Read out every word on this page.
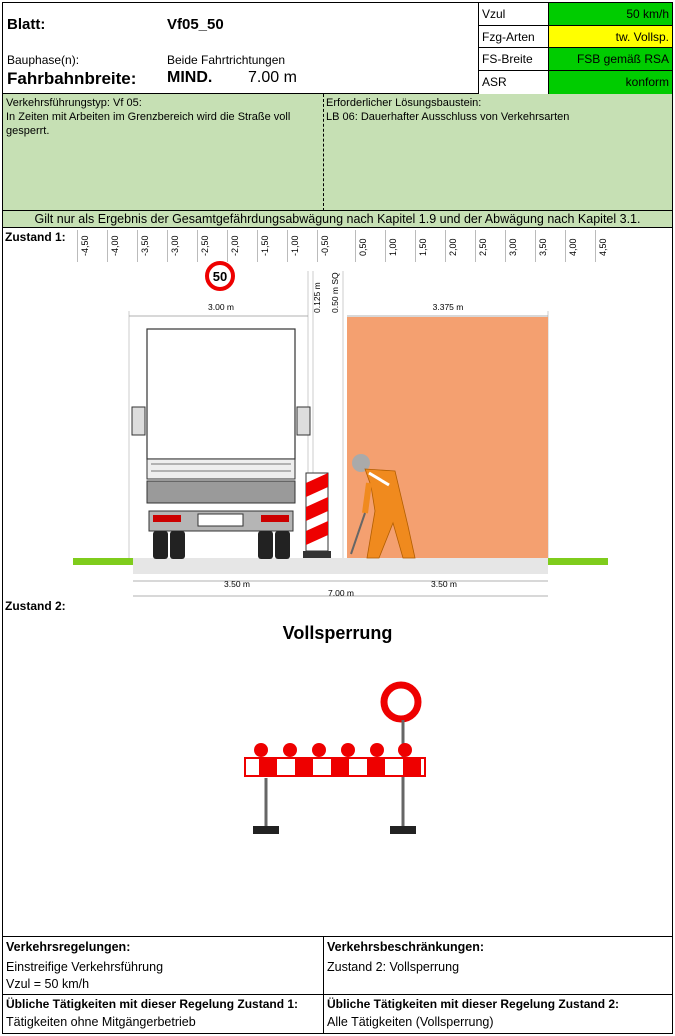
Blatt:	Vf05_50
Bauphase(n):	Beide Fahrtrichtungen
Fahrbahnbreite: MIND. 7.00 m
Vzul	50 km/h
Fzg-Arten	tw. Vollsp.
FS-Breite	FSB gemäß RSA
ASR	konform
Verkehrsführungstyp: Vf 05:
In Zeiten mit Arbeiten im Grenzbereich wird die Straße voll gesperrt.
Erforderlicher Lösungsbaustein:
LB 06: Dauerhafter Ausschluss von Verkehrsarten
Gilt nur als Ergebnis der Gesamtgefährdungsabwägung nach Kapitel 1.9 und der Abwägung nach Kapitel 3.1.
Zustand 1: -4,50 -4,00 -3,50 -3,00 -2,50 -2,00 -1,50 -1,00 -0,50	0,50 1,00 1,50 2,00 2,50 3,00 3,50 4,00 4,50
50
3.00 m	3.375 m
0.125 m 0.50 m SQ
3.50 m	3.50 m
7.00 m
Zustand 2:
Vollsperrung
Verkehrsregelungen:
Einstreifige Verkehrsführung
Vzul = 50 km/h
Verkehrsbeschränkungen:
Zustand 2: Vollsperrung
Übliche Tätigkeiten mit dieser Regelung Zustand 1:
Tätigkeiten ohne Mitgängerbetrieb
Übliche Tätigkeiten mit dieser Regelung Zustand 2:
Alle Tätigkeiten (Vollsperrung)
